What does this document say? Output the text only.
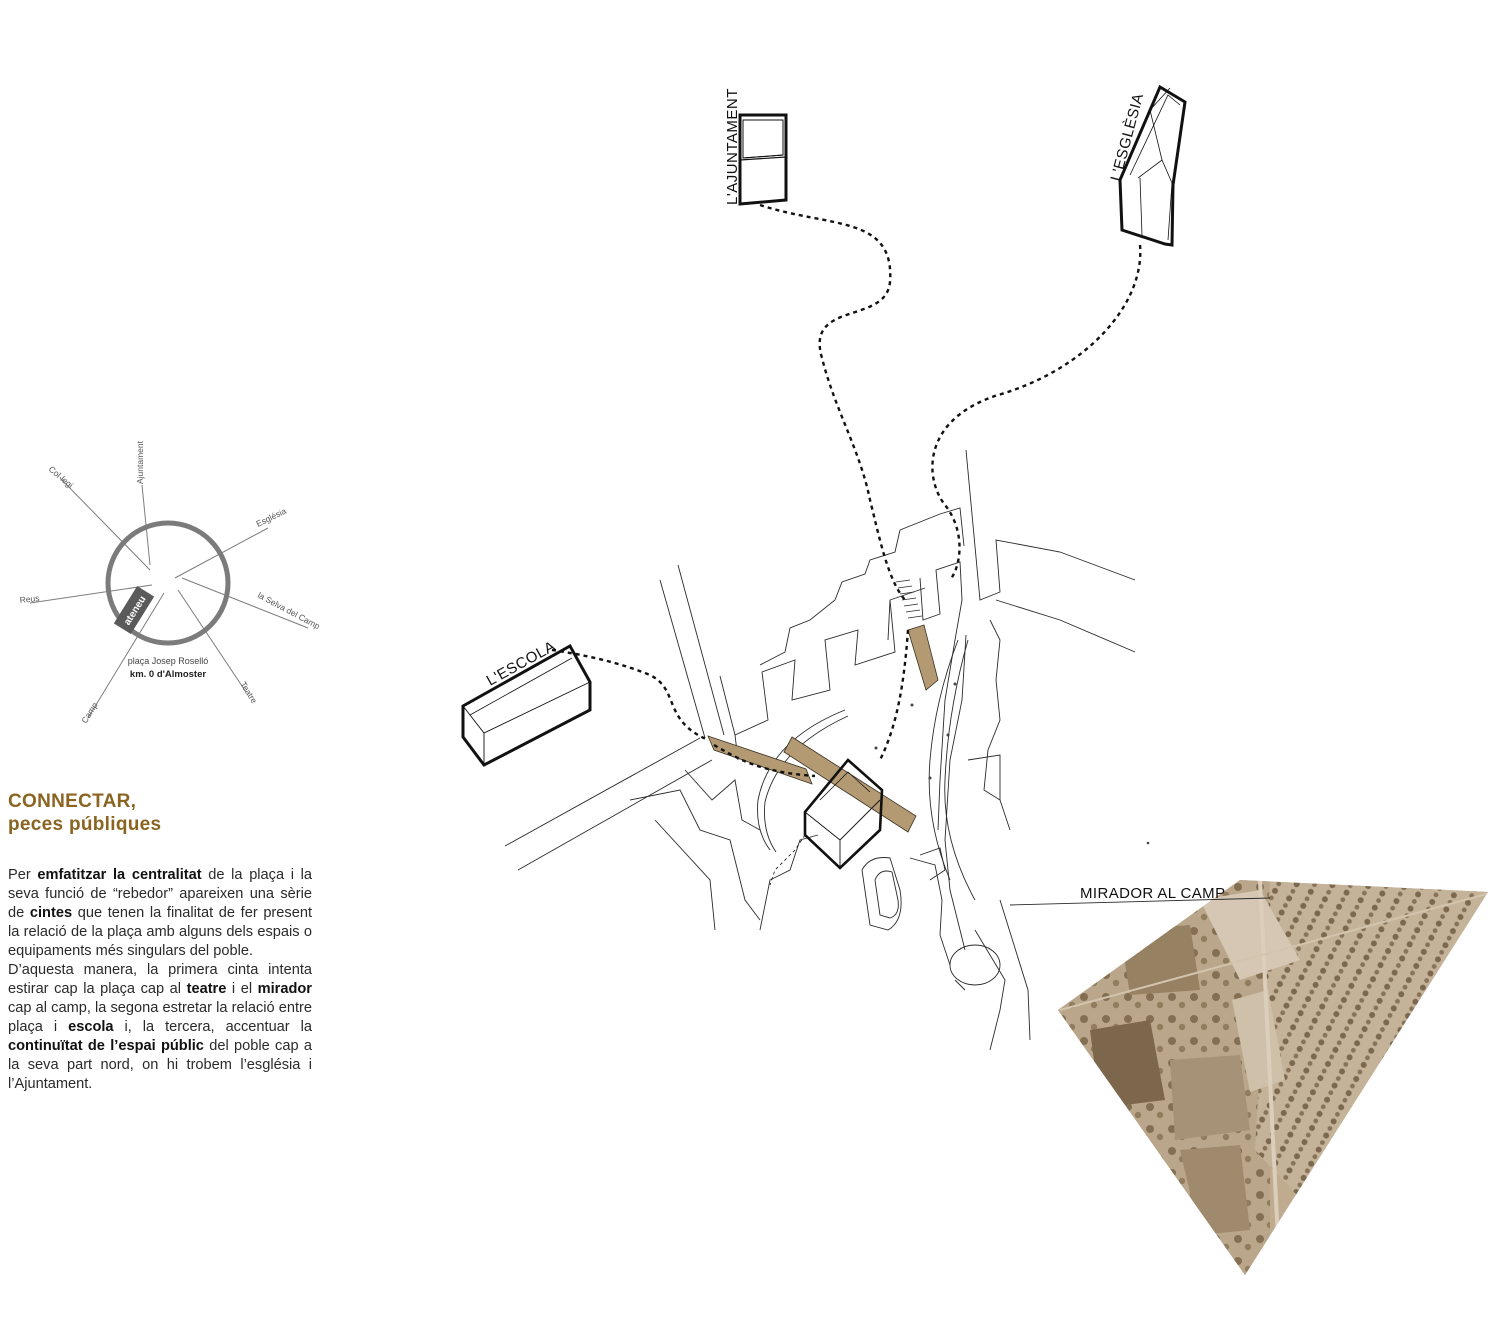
ateneu
Ajuntament
Col·legi
Església
Reus	la Selva del Camp
Teatre
Camp
plaça Josep Roselló
km. 0 d'Almoster
L'AJUNTAMENT	L'ESGLÈSIA
L'ESCOLA
MIRADOR AL CAMP
CONNECTAR,
peces públiques

Per emfatitzar la centralitat de la plaça i la seva funció de “rebedor” apareixen una sèrie de cintes que tenen la finalitat de fer present la relació de la plaça amb alguns dels espais o equipaments més singulars del poble.

D’aquesta manera, la primera cinta intenta estirar cap la plaça cap al teatre i el mirador cap al camp, la segona estretar la relació entre plaça i escola i, la tercera, accentuar la continuïtat de l’espai públic del poble cap a la seva part nord, on hi trobem l’església i l’Ajuntament.
